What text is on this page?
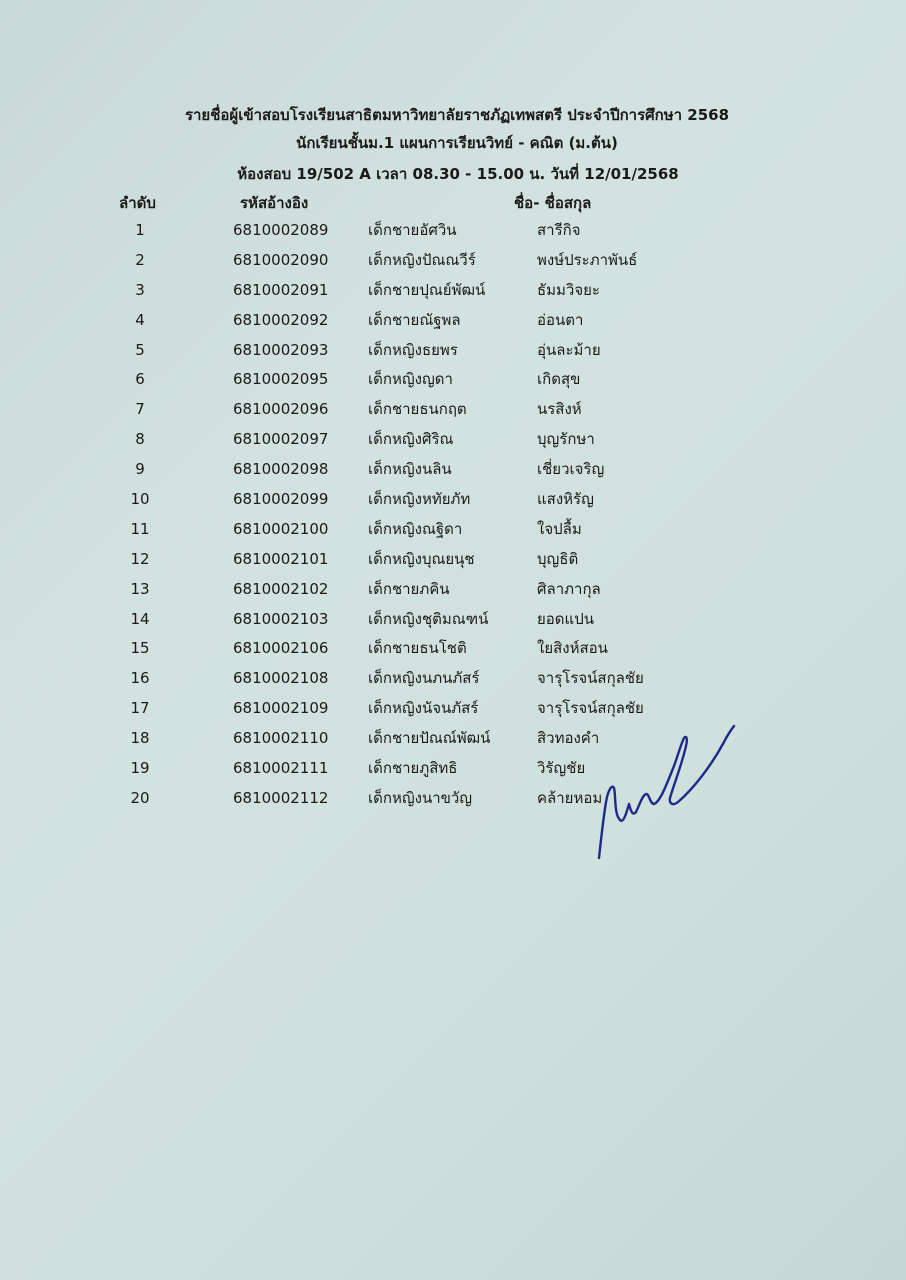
รายชื่อผู้เข้าสอบโรงเรียนสาธิตมหาวิทยาลัยราชภัฏเทพสตรี ประจำปีการศึกษา 2568
นักเรียนชั้นม.1 แผนการเรียนวิทย์ - คณิต (ม.ต้น)
ห้องสอบ 19/502 A เวลา 08.30 - 15.00 น. วันที่ 12/01/2568
ลำดับ	รหัสอ้างอิง	ชื่อ- ชื่อสกุล
1	6810002089	เด็กชายอัศวิน	สารีกิจ
2	6810002090	เด็กหญิงปัณณวีร์	พงษ์ประภาพันธ์
3	6810002091	เด็กชายปุณย์พัฒน์	ธัมมวิจยะ
4	6810002092	เด็กชายณัฐพล	อ่อนตา
5	6810002093	เด็กหญิงธยพร	อุ่นละม้าย
6	6810002095	เด็กหญิงญดา	เกิดสุข
7	6810002096	เด็กชายธนกฤต	นรสิงห์
8	6810002097	เด็กหญิงศิริณ	บุญรักษา
9	6810002098	เด็กหญิงนลิน	เชี่ยวเจริญ
10	6810002099	เด็กหญิงหทัยภัท	แสงหิรัญ
11	6810002100	เด็กหญิงณฐิดา	ใจปลื้ม
12	6810002101	เด็กหญิงบุณยนุช	บุญธิติ
13	6810002102	เด็กชายภคิน	ศิลาภากุล
14	6810002103	เด็กหญิงชุติมณฑน์	ยอดแปน
15	6810002106	เด็กชายธนโชติ	ใยสิงห์สอน
16	6810002108	เด็กหญิงนภนภัสร์	จารุโรจน์สกุลชัย
17	6810002109	เด็กหญิงนัจนภัสร์	จารุโรจน์สกุลชัย
18	6810002110	เด็กชายปัณณ์พัฒน์	สิวทองคำ
19	6810002111	เด็กชายภูสิทธิ	วิรัญชัย
20	6810002112	เด็กหญิงนาขวัญ	คล้ายหอม
